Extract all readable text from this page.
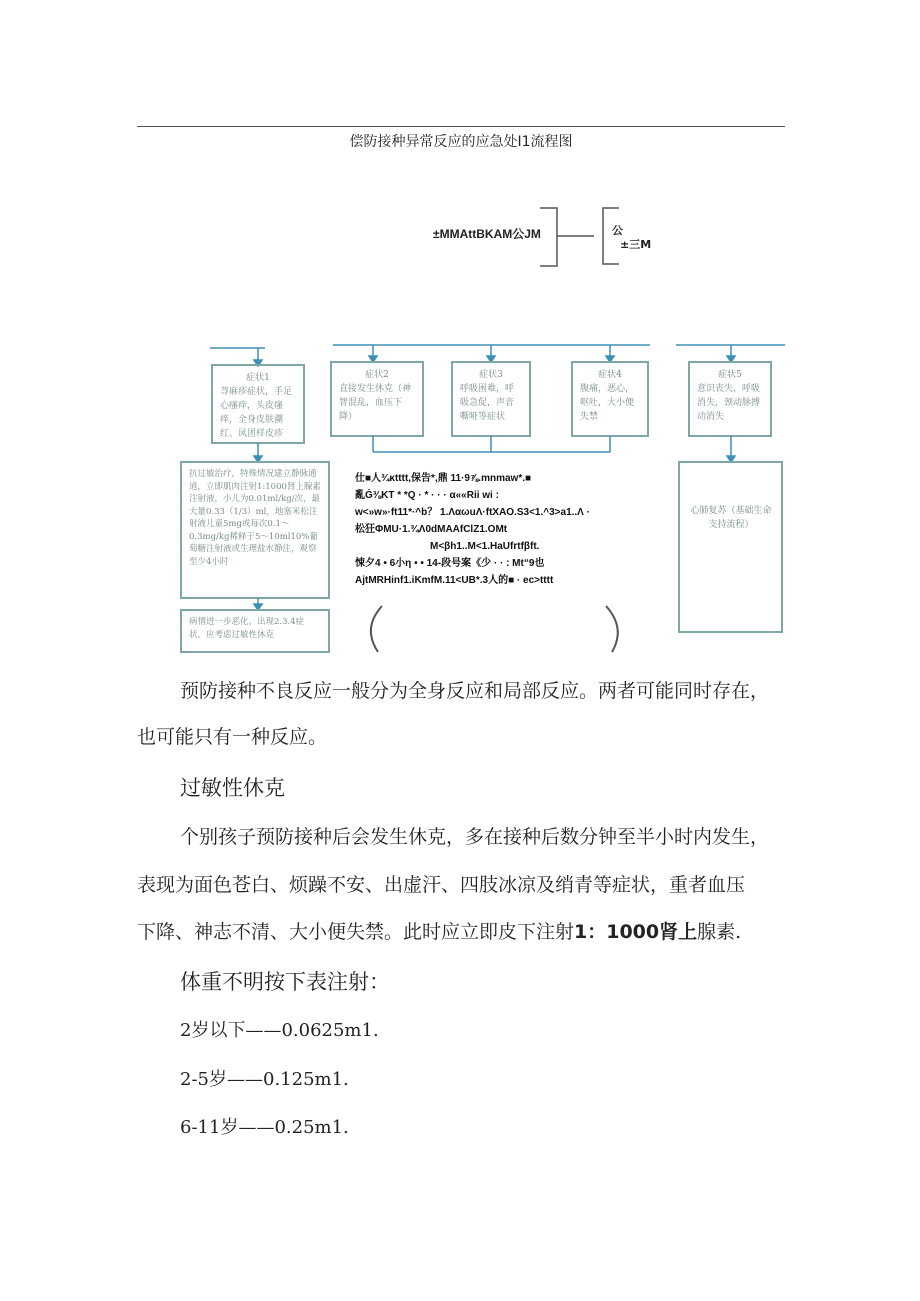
偿防接种异常反应的应急处I1流程图
±MMAttBKAM公JM	公
±三M
症状1
荨麻疹症状，手足心瘙痒，头皮瘙痒，全身皮肤潮红、风团样皮疹
症状2
直接发生休克（神智混乱，血压下降）
症状3
呼吸困难，呼吸急促，声音嘶哑等症状
症状4
腹痛，恶心，呕吐，大小便失禁
症状5
意识丧失，呼吸消失，颈动脉搏动消失
抗过敏治疗，特殊情况建立静脉通道，立即肌肉注射1:1000肾上腺素注射液，小儿为0.01ml/kg/次，最大量0.33（1/3）ml，地塞米松注射液儿童5mg或每次0.1～0.3mg/kg稀释于5～10ml10%葡萄糖注射液或生理盐水静注，观察至少4小时
仕■人¾κtttt,保告*,鼎 11·9⅞.mnmaw*.■
亂Ġ⅜KT * *Q · * · · · α««Rii wi :
w<»w»·ft11*·^b？ 1.ΛαωuΛ·ftXAO.S3<1.^3>a1..Λ ·
松狂ΦMU·1.¾Λ0dMAAfClZ1.OMt
M<βh1..M<1.HaUfrtfβft.
悚夕4 • 6小η • • 14-段号案《少 · · : Mt“9也
AjtMRHinf1.iKmfM.11<UB*.3人的■ · ec>tttt
心肺复苏（基础生命支持流程）
病情进一步恶化，出现2.3.4症状，应考虑过敏性休克
预防接种不良反应一般分为全身反应和局部反应。两者可能同时存在，
也可能只有一种反应。
过敏性休克
个别孩子预防接种后会发生休克，多在接种后数分钟至半小时内发生，
表现为面色苍白、烦躁不安、出虚汗、四肢冰凉及绡青等症状，重者血压
下降、神志不清、大小便失禁。此时应立即皮下注射1：1000肾上腺素.
体重不明按下表注射：
2岁以下——0.0625m1.
2-5岁——0.125m1.
6-11岁——0.25m1.
